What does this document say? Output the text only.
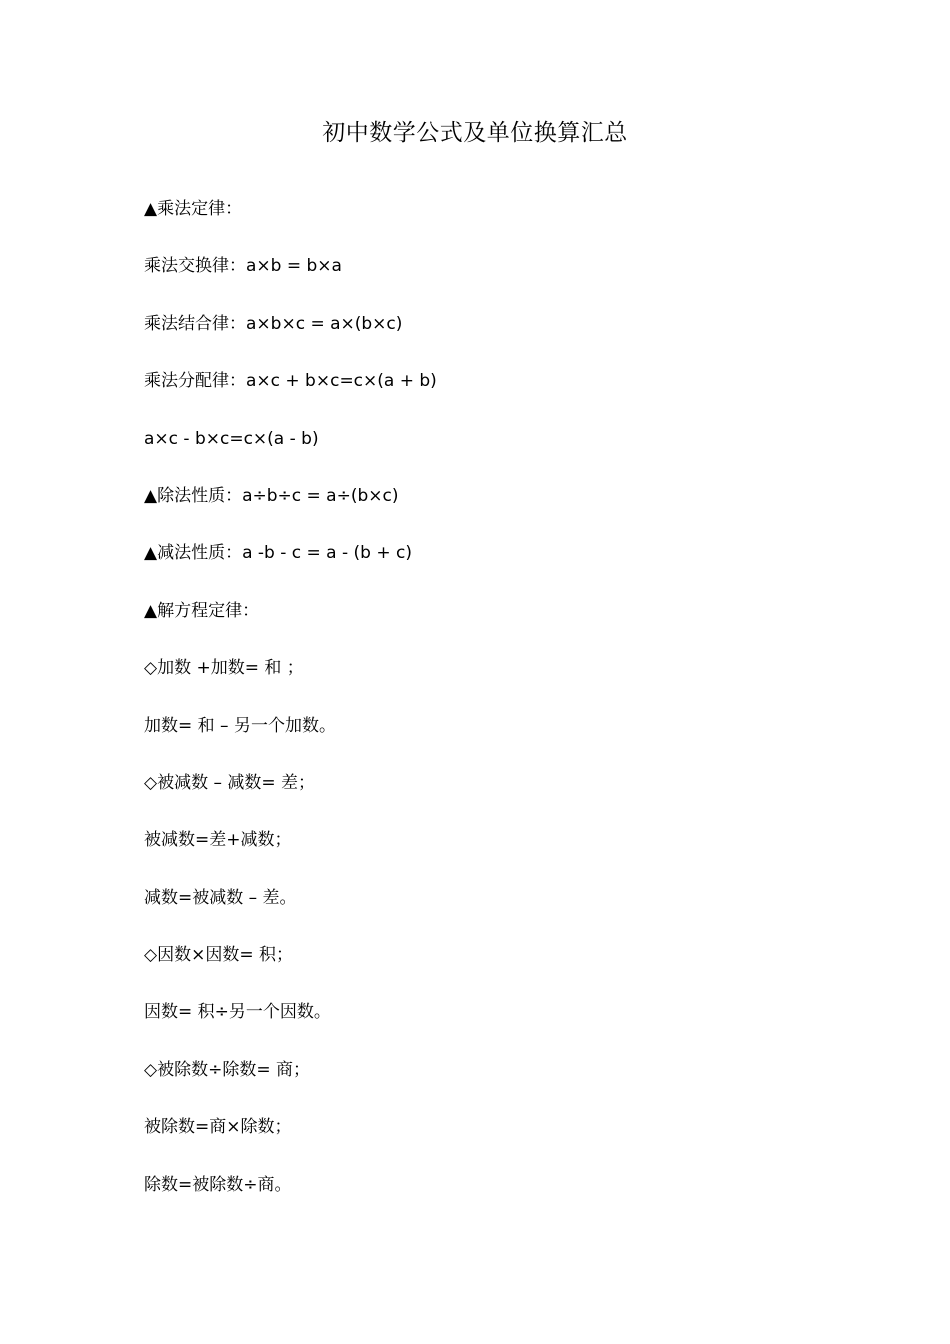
初中数学公式及单位换算汇总
▲乘法定律：
乘法交换律：a×b = b×a
乘法结合律：a×b×c = a×(b×c)
乘法分配律：a×c + b×c=c×(a + b)
a×c - b×c=c×(a - b)
▲除法性质：a÷b÷c = a÷(b×c)
▲减法性质：a -b - c = a - (b + c)
▲解方程定律：
◇加数 +加数= 和 ；
加数= 和 – 另一个加数。
◇被减数 – 减数= 差；
被减数=差+减数；
减数=被减数 – 差。
◇因数×因数= 积；
因数= 积÷另一个因数。
◇被除数÷除数= 商；
被除数=商×除数；
除数=被除数÷商。
